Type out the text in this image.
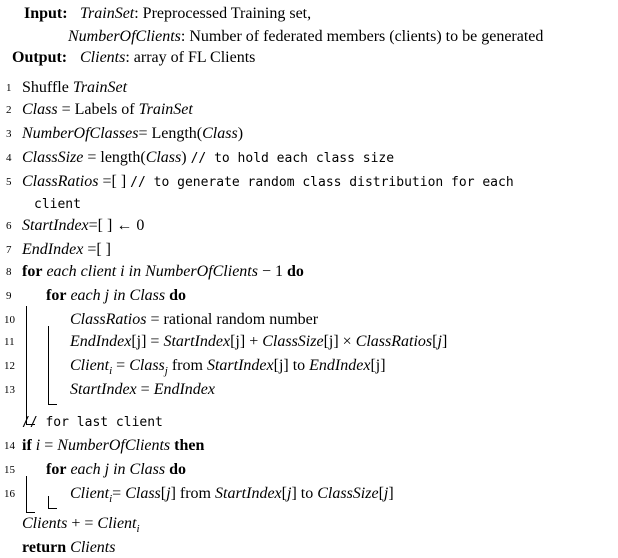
Input: TrainSet: Preprocessed Training set,
NumberOfClients: Number of federated members (clients) to be generated
Output: Clients: array of FL Clients
1 Shuffle TrainSet
2 Class = Labels of TrainSet
3 NumberOfClasses= Length(Class)
4 ClassSize = length(Class) // to hold each class size
5 ClassRatios =[ ] // to generate random class distribution for each
client
6 StartIndex=[ ] ← 0
7 EndIndex =[ ]
8 for each client i in NumberOfClients − 1 do
9	for each j in Class do
10	ClassRatios = rational random number
11	EndIndex[j] = StartIndex[j] + ClassSize[j] × ClassRatios[j]
12	Client$_i$ = Class$_j$ from StartIndex[j] to EndIndex[j]
13	StartIndex = EndIndex
// for last client
14 if i = NumberOfClients then
15	for each j in Class do
16	Client$_i$= Class[j] from StartIndex[j] to ClassSize[j]
Clients + = Client$_i$
return Clients
